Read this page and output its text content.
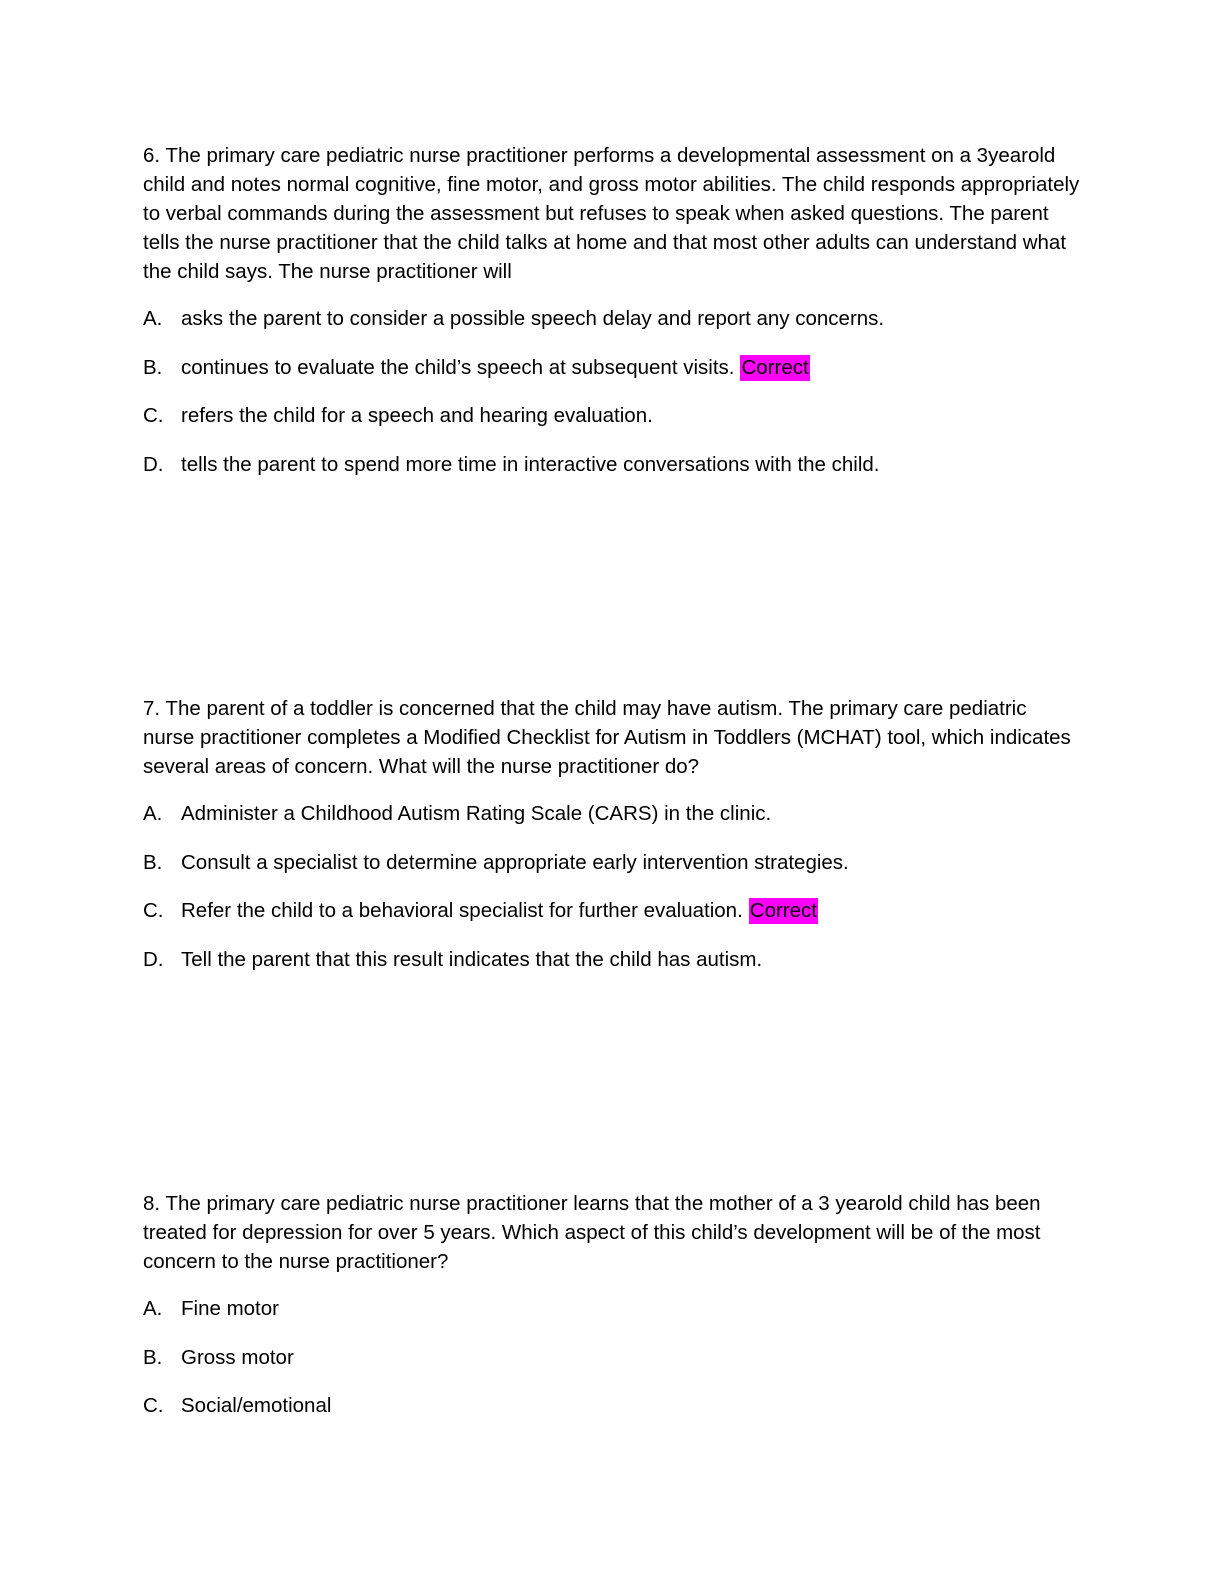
6. The primary care pediatric nurse practitioner performs a developmental assessment on a 3yearold child and notes normal cognitive, fine motor, and gross motor abilities. The child responds appropriately to verbal commands during the assessment but refuses to speak when asked questions. The parent tells the nurse practitioner that the child talks at home and that most other adults can understand what the child says. The nurse practitioner will

A. asks the parent to consider a possible speech delay and report any concerns.
B. continues to evaluate the child’s speech at subsequent visits. Correct
C. refers the child for a speech and hearing evaluation.
D. tells the parent to spend more time in interactive conversations with the child.

7. The parent of a toddler is concerned that the child may have autism. The primary care pediatric nurse practitioner completes a Modified Checklist for Autism in Toddlers (MCHAT) tool, which indicates several areas of concern. What will the nurse practitioner do?

A. Administer a Childhood Autism Rating Scale (CARS) in the clinic.
B. Consult a specialist to determine appropriate early intervention strategies.
C. Refer the child to a behavioral specialist for further evaluation. Correct
D. Tell the parent that this result indicates that the child has autism.

8. The primary care pediatric nurse practitioner learns that the mother of a 3 yearold child has been treated for depression for over 5 years. Which aspect of this child’s development will be of the most concern to the nurse practitioner?

A. Fine motor
B. Gross motor
C. Social/emotional
